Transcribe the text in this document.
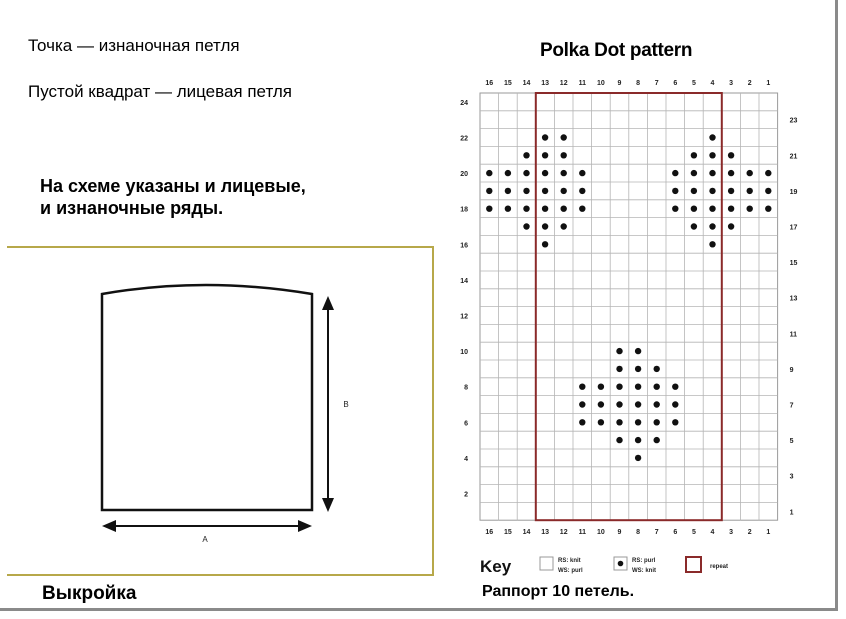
Точка — изнаночная петля
Пустой квадрат — лицевая петля
На схеме указаны и лицевые,
и изнаночные ряды.
A
B
16
16
15
15
14
14
13
13
12
12
11
11
10
10
9
9
8
8
7
7
6
6
5
5
4
4
3
3
2
2
1
1
24
22
20
18
16
14
12
10
8
6
4
2
23
21
19
17
15
13
11
9
7
5
3
1
Key	RS: knit
WS: purl
RS: purl
WS: knit
repeat
Polka Dot pattern
Раппорт 10 петель.
Выкройка
